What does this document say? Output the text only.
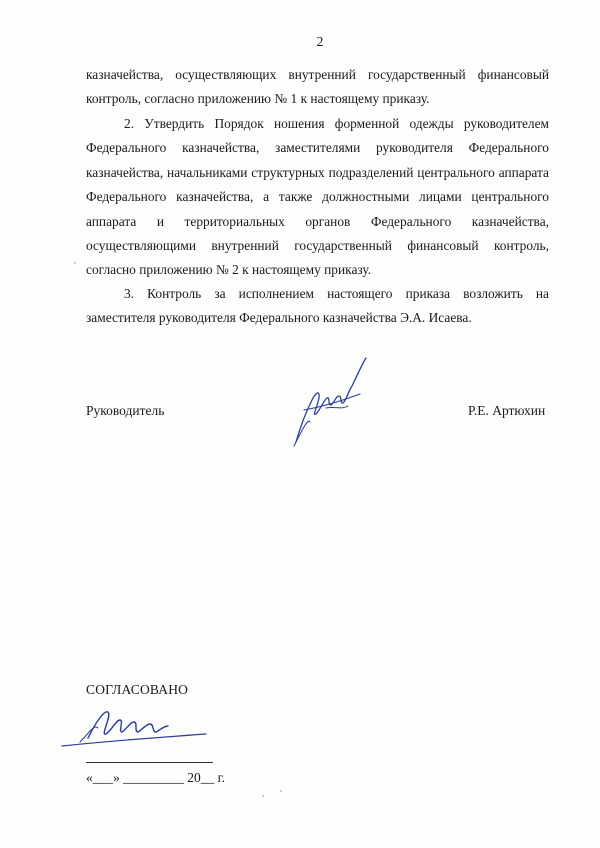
2

казначейства, осуществляющих внутренний государственный финансовый контроль, согласно приложению № 1 к настоящему приказу.

2. Утвердить Порядок ношения форменной одежды руководителем Федерального казначейства, заместителями руководителя Федерального казначейства, начальниками структурных подразделений центрального аппарата Федерального казначейства, а также должностными лицами центрального аппарата и территориальных органов Федерального казначейства, осуществляющими внутренний государственный финансовый контроль, согласно приложению № 2 к настоящему приказу.

3. Контроль за исполнением настоящего приказа возложить на заместителя руководителя Федерального казначейства Э.А. Исаева.

Руководитель	Р.Е. Артюхин
СОГЛАСОВАНО
«___» _________ 20__ г.
